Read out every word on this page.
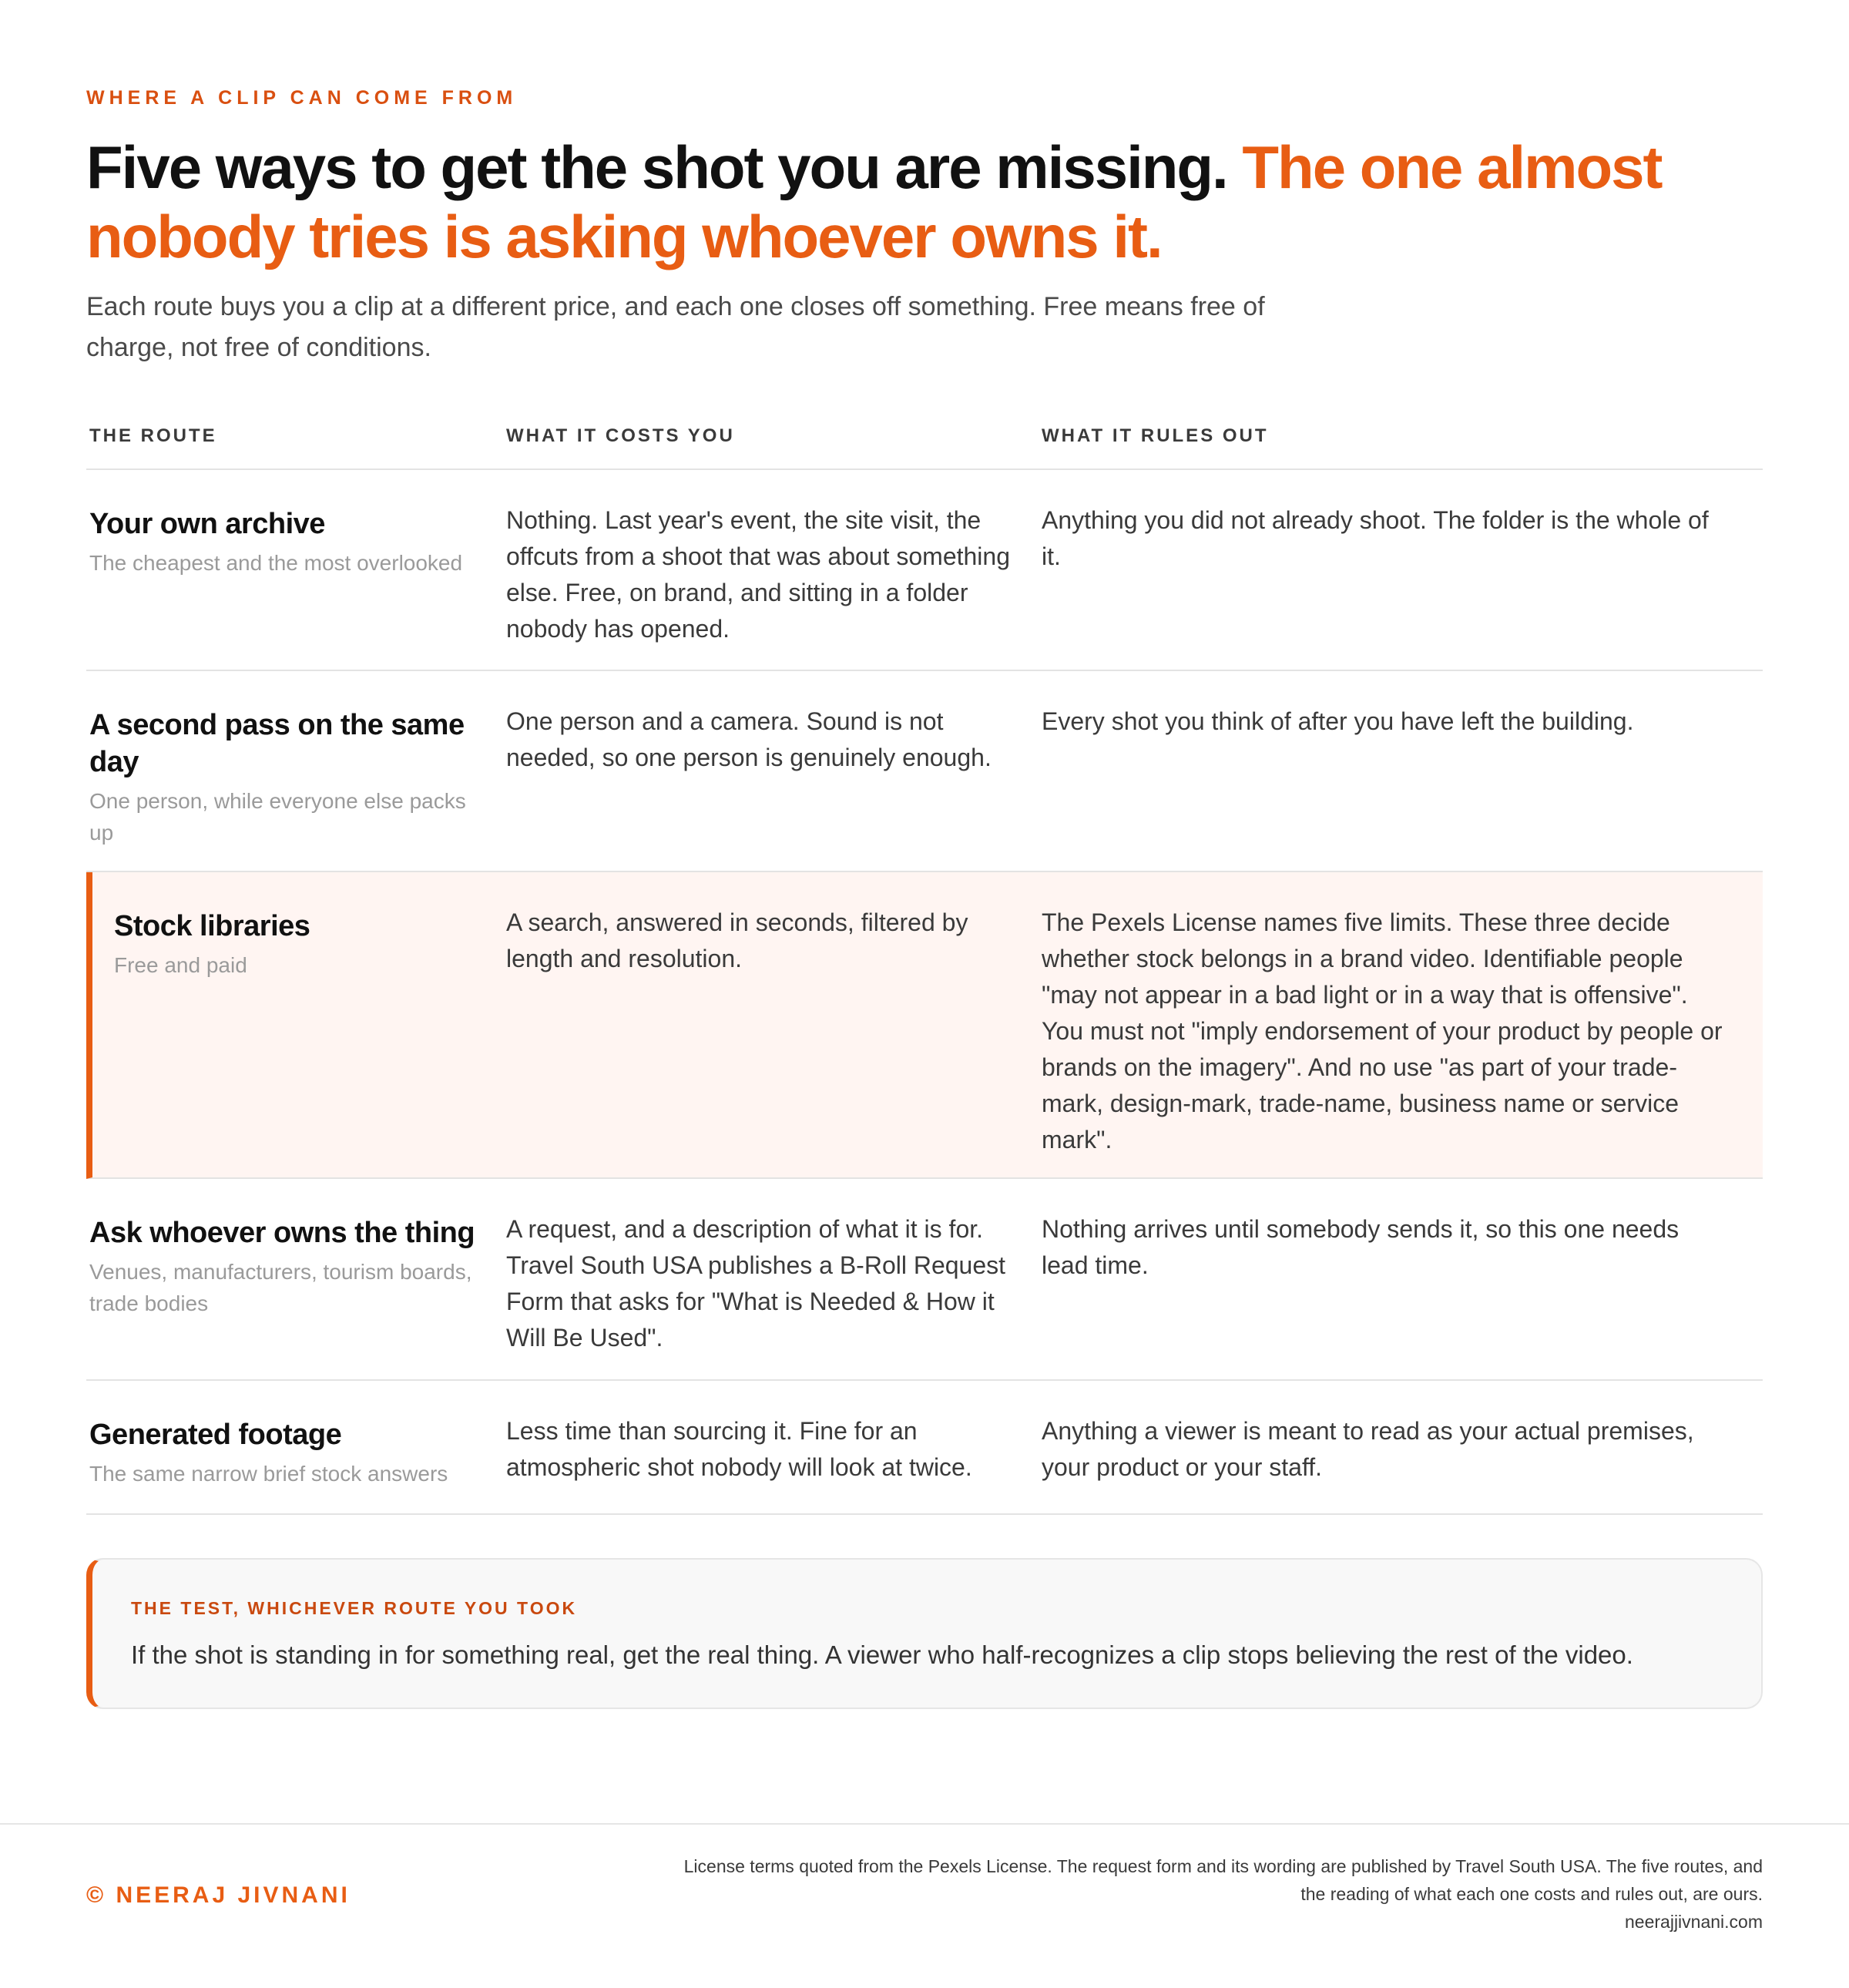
WHERE A CLIP CAN COME FROM
Five ways to get the shot you are missing. The one almost nobody tries is asking whoever owns it.

Each route buys you a clip at a different price, and each one closes off something. Free means free of charge, not free of conditions.

THE ROUTE	WHAT IT COSTS YOU	WHAT IT RULES OUT
Your own archive
The cheapest and the most overlooked
Nothing. Last year's event, the site visit, the offcuts from a shoot that was about something else. Free, on brand, and sitting in a folder nobody has opened.
Anything you did not already shoot. The folder is the whole of it.
A second pass on the same day
One person, while everyone else packs up
One person and a camera. Sound is not needed, so one person is genuinely enough.
Every shot you think of after you have left the building.
Stock libraries
Free and paid
A search, answered in seconds, filtered by length and resolution.
The Pexels License names five limits. These three decide whether stock belongs in a brand video. Identifiable people "may not appear in a bad light or in a way that is offensive". You must not "imply endorsement of your product by people or brands on the imagery". And no use "as part of your trade-mark, design-mark, trade-name, business name or service mark".
Ask whoever owns the thing
Venues, manufacturers, tourism boards, trade bodies
A request, and a description of what it is for. Travel South USA publishes a B-Roll Request Form that asks for "What is Needed & How it Will Be Used".
Nothing arrives until somebody sends it, so this one needs lead time.
Generated footage
The same narrow brief stock answers
Less time than sourcing it. Fine for an atmospheric shot nobody will look at twice.
Anything a viewer is meant to read as your actual premises, your product or your staff.
THE TEST, WHICHEVER ROUTE YOU TOOK
If the shot is standing in for something real, get the real thing. A viewer who half-recognizes a clip stops believing the rest of the video.
© NEERAJ JIVNANI
License terms quoted from the Pexels License. The request form and its wording are published by Travel South USA. The five routes, and the reading of what each one costs and rules out, are ours.
neerajjivnani.com
